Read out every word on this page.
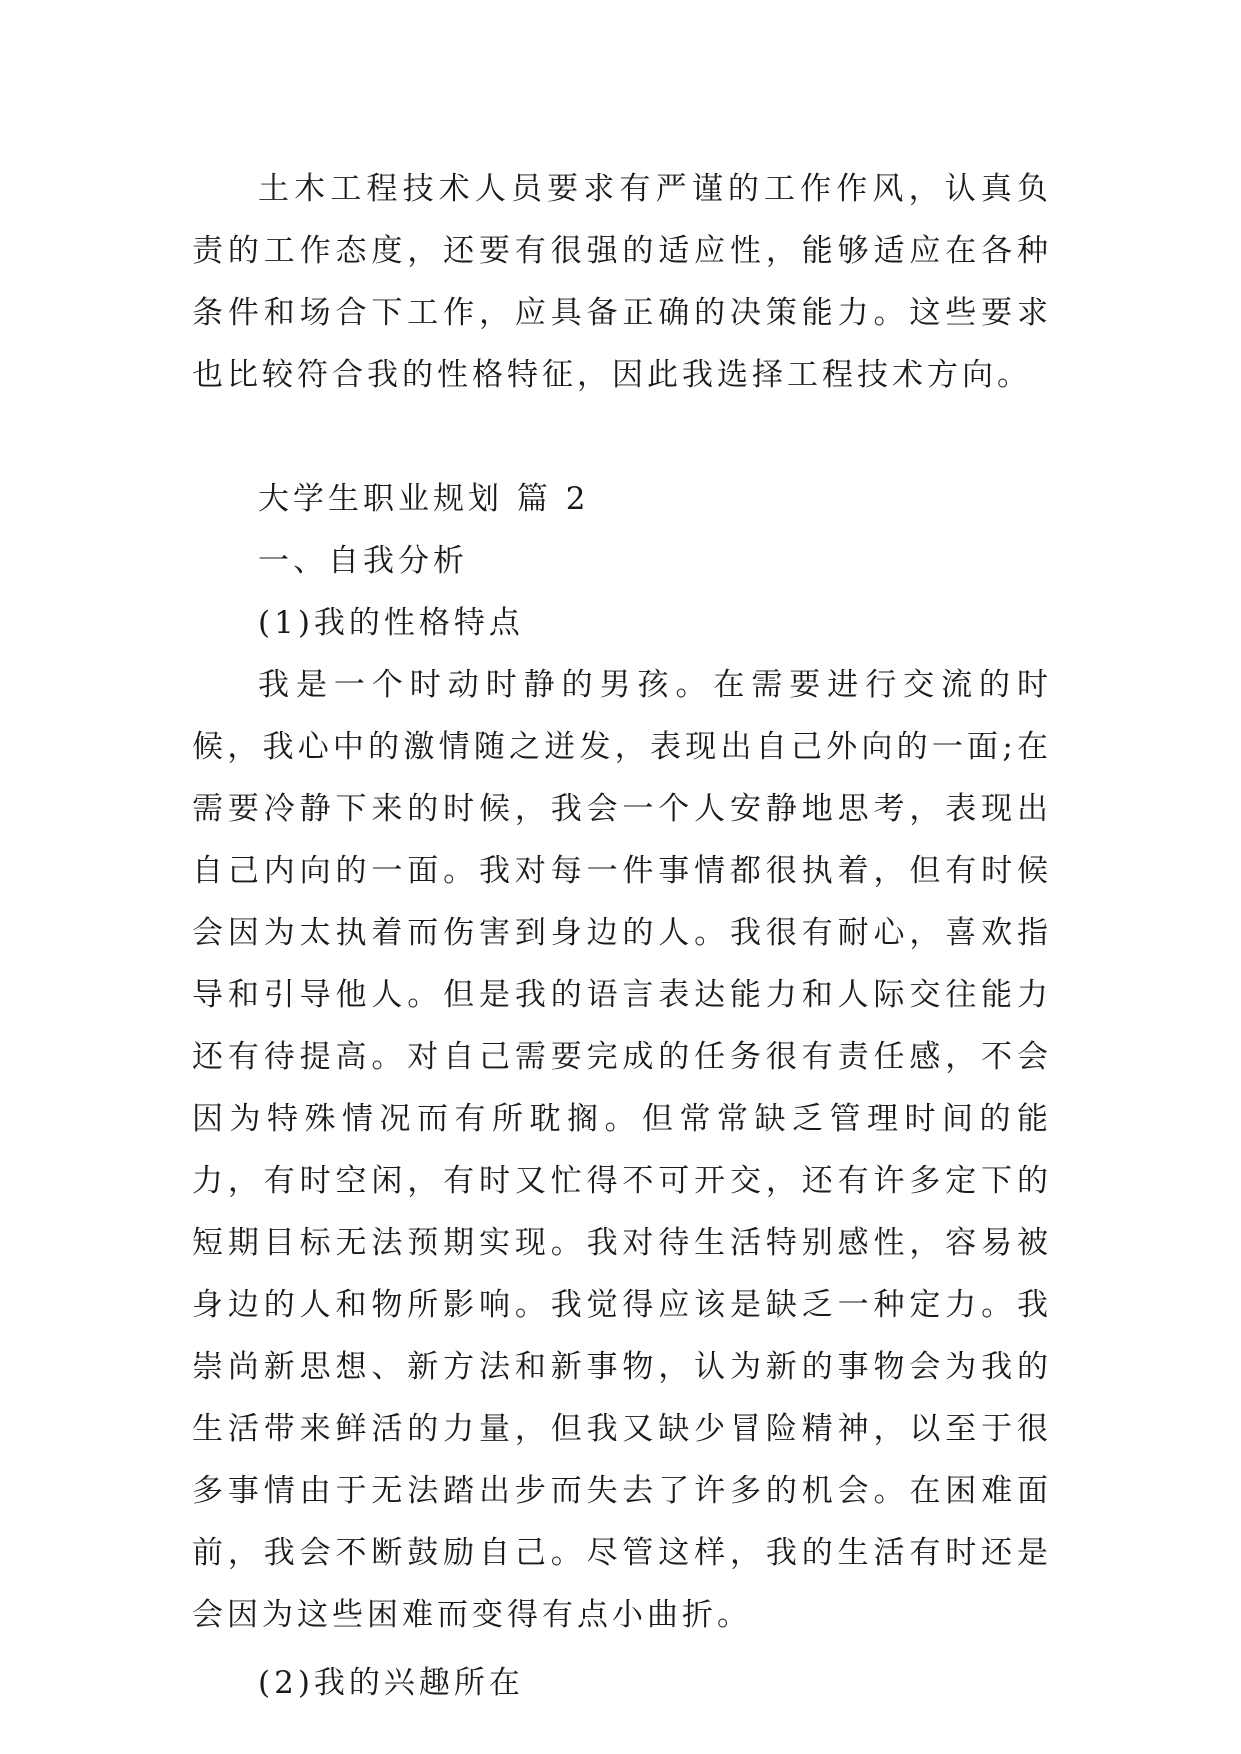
土木工程技术人员要求有严谨的工作作风，认真负责的工作态度，还要有很强的适应性，能够适应在各种条件和场合下工作，应具备正确的决策能力。这些要求也比较符合我的性格特征，因此我选择工程技术方向。

大学生职业规划 篇 2

一、自我分析

(1)我的性格特点

我是一个时动时静的男孩。在需要进行交流的时候，我心中的激情随之迸发，表现出自己外向的一面;在需要冷静下来的时候，我会一个人安静地思考，表现出自己内向的一面。我对每一件事情都很执着，但有时候会因为太执着而伤害到身边的人。我很有耐心，喜欢指导和引导他人。但是我的语言表达能力和人际交往能力还有待提高。对自己需要完成的任务很有责任感，不会因为特殊情况而有所耽搁。但常常缺乏管理时间的能力，有时空闲，有时又忙得不可开交，还有许多定下的短期目标无法预期实现。我对待生活特别感性，容易被身边的人和物所影响。我觉得应该是缺乏一种定力。我崇尚新思想、新方法和新事物，认为新的事物会为我的生活带来鲜活的力量，但我又缺少冒险精神，以至于很多事情由于无法踏出步而失去了许多的机会。在困难面前，我会不断鼓励自己。尽管这样，我的生活有时还是会因为这些困难而变得有点小曲折。

(2)我的兴趣所在
